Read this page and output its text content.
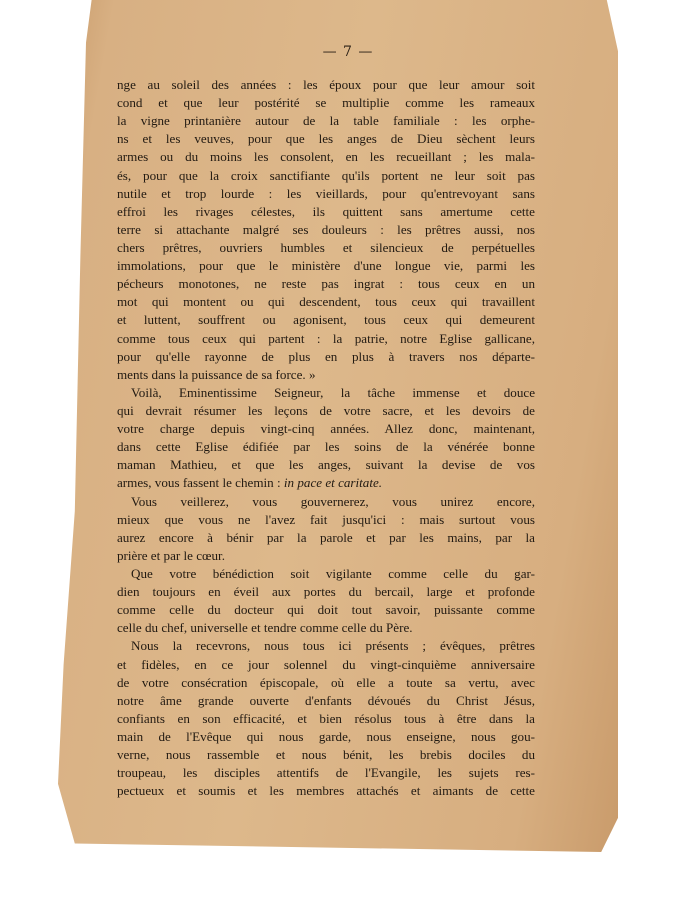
— 7 —
nge au soleil des années : les époux pour que leur amour soit
cond et que leur postérité se multiplie comme les rameaux
la vigne printanière autour de la table familiale : les orphe-
ns et les veuves, pour que les anges de Dieu sèchent leurs
armes ou du moins les consolent, en les recueillant ; les mala-
és, pour que la croix sanctifiante qu'ils portent ne leur soit pas
nutile et trop lourde : les vieillards, pour qu'entrevoyant sans
effroi les rivages célestes, ils quittent sans amertume cette
terre si attachante malgré ses douleurs : les prêtres aussi, nos
chers prêtres, ouvriers humbles et silencieux de perpétuelles
immolations, pour que le ministère d'une longue vie, parmi les
pécheurs monotones, ne reste pas ingrat : tous ceux en un
mot qui montent ou qui descendent, tous ceux qui travaillent
et luttent, souffrent ou agonisent, tous ceux qui demeurent
comme tous ceux qui partent : la patrie, notre Eglise gallicane,
pour qu'elle rayonne de plus en plus à travers nos départe-
ments dans la puissance de sa force. »
Voilà, Eminentissime Seigneur, la tâche immense et douce
qui devrait résumer les leçons de votre sacre, et les devoirs de
votre charge depuis vingt-cinq années. Allez donc, maintenant,
dans cette Eglise édifiée par les soins de la vénérée bonne
maman Mathieu, et que les anges, suivant la devise de vos
armes, vous fassent le chemin : in pace et caritate.
Vous veillerez, vous gouvernerez, vous unirez encore,
mieux que vous ne l'avez fait jusqu'ici : mais surtout vous
aurez encore à bénir par la parole et par les mains, par la
prière et par le cœur.
Que votre bénédiction soit vigilante comme celle du gar-
dien toujours en éveil aux portes du bercail, large et profonde
comme celle du docteur qui doit tout savoir, puissante comme
celle du chef, universelle et tendre comme celle du Père.
Nous la recevrons, nous tous ici présents ; évêques, prêtres
et fidèles, en ce jour solennel du vingt-cinquième anniversaire
de votre consécration épiscopale, où elle a toute sa vertu, avec
notre âme grande ouverte d'enfants dévoués du Christ Jésus,
confiants en son efficacité, et bien résolus tous à être dans la
main de l'Evêque qui nous garde, nous enseigne, nous gou-
verne, nous rassemble et nous bénit, les brebis dociles du
troupeau, les disciples attentifs de l'Evangile, les sujets res-
pectueux et soumis et les membres attachés et aimants de cette
